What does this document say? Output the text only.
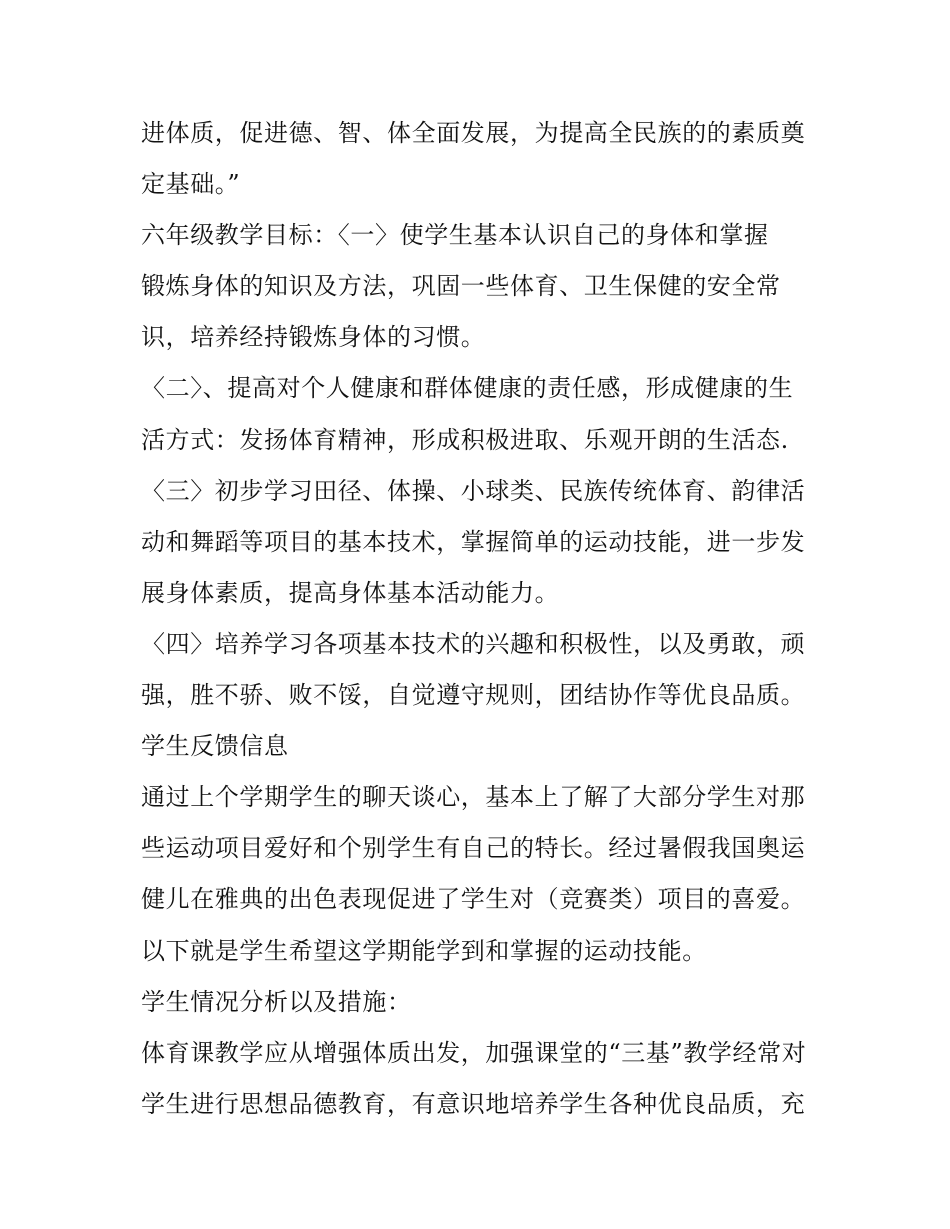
进体质，促进德、智、体全面发展，为提高全民族的的素质奠
定基础。”
六年级教学目标：〈一〉使学生基本认识自己的身体和掌握
锻炼身体的知识及方法，巩固一些体育、卫生保健的安全常
识，培养经持锻炼身体的习惯。
〈二〉、提高对个人健康和群体健康的责任感，形成健康的生
活方式：发扬体育精神，形成积极进取、乐观开朗的生活态.
〈三〉初步学习田径、体操、小球类、民族传统体育、韵律活
动和舞蹈等项目的基本技术，掌握简单的运动技能，进一步发
展身体素质，提高身体基本活动能力。
〈四〉培养学习各项基本技术的兴趣和积极性，以及勇敢，顽
强，胜不骄、败不馁，自觉遵守规则，团结协作等优良品质。
学生反馈信息
通过上个学期学生的聊天谈心，基本上了解了大部分学生对那
些运动项目爱好和个别学生有自己的特长。经过暑假我国奥运
健儿在雅典的出色表现促进了学生对（竞赛类）项目的喜爱。
以下就是学生希望这学期能学到和掌握的运动技能。
学生情况分析以及措施：
体育课教学应从增强体质出发，加强课堂的“三基”教学经常对
学生进行思想品德教育，有意识地培养学生各种优良品质，充
